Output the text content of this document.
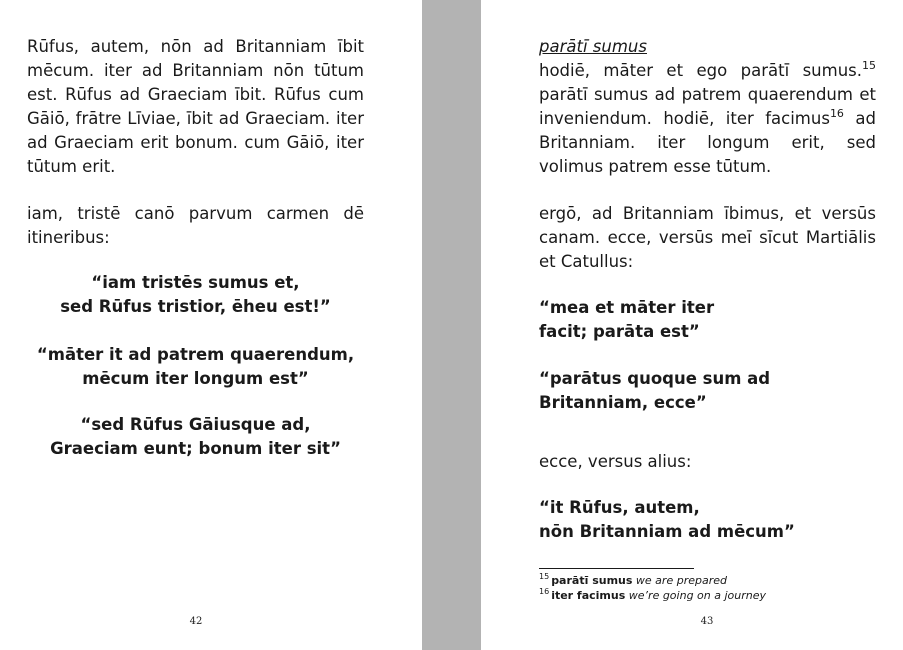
Rūfus, autem, nōn ad Britanniam ībit mēcum. iter ad Britanniam nōn tūtum est. Rūfus ad Graeciam ībit. Rūfus cum Gāiō, frātre Līviae, ībit ad Graeciam. iter ad Graeciam erit bonum. cum Gāiō, iter tūtum erit.

iam, tristē canō parvum carmen dē itineribus:

“iam tristēs sumus et,
sed Rūfus tristior, ēheu est!”
“māter it ad patrem quaerendum,
mēcum iter longum est”
“sed Rūfus Gāiusque ad,
Graeciam eunt; bonum iter sit”
42
parātī sumus

hodiē, māter et ego parātī sumus.$^{15}$ parātī sumus ad patrem quaerendum et inveniendum. hodiē, iter facimus$^{16}$ ad Britanniam. iter longum erit, sed volimus patrem esse tūtum.

ergō, ad Britanniam ībimus, et versūs canam. ecce, versūs meī sīcut Martiālis et Catullus:

“mea et māter iter
facit; parāta est”
“parātus quoque sum ad
Britanniam, ecce”

ecce, versus alius:

“it Rūfus, autem,
nōn Britanniam ad mēcum”
$^{15}$ parātī sumus we are prepared
$^{16}$ iter facimus we’re going on a journey
43
